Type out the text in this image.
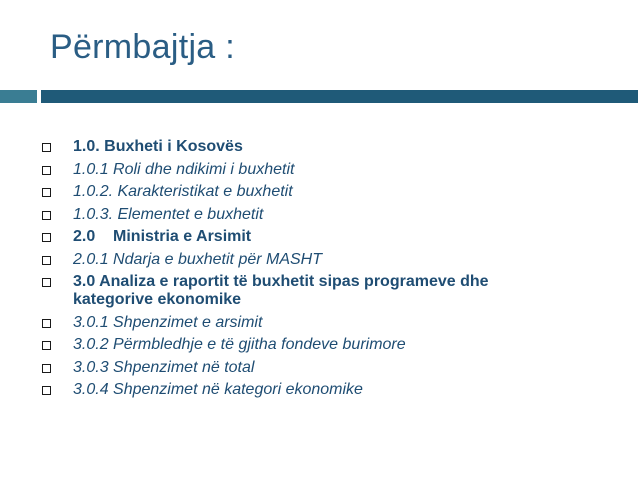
Përmbajtja :
1.0. Buxheti i Kosovës
1.0.1 Roli dhe ndikimi i buxhetit
1.0.2. Karakteristikat e buxhetit
1.0.3. Elementet e buxhetit
2.0    Ministria e Arsimit
2.0.1 Ndarja e buxhetit për MASHT
3.0 Analiza e raportit të buxhetit sipas programeve dhe kategorive ekonomike
3.0.1 Shpenzimet e arsimit
3.0.2 Përmbledhje e të gjitha fondeve burimore
3.0.3 Shpenzimet në total
3.0.4 Shpenzimet në kategori ekonomike
